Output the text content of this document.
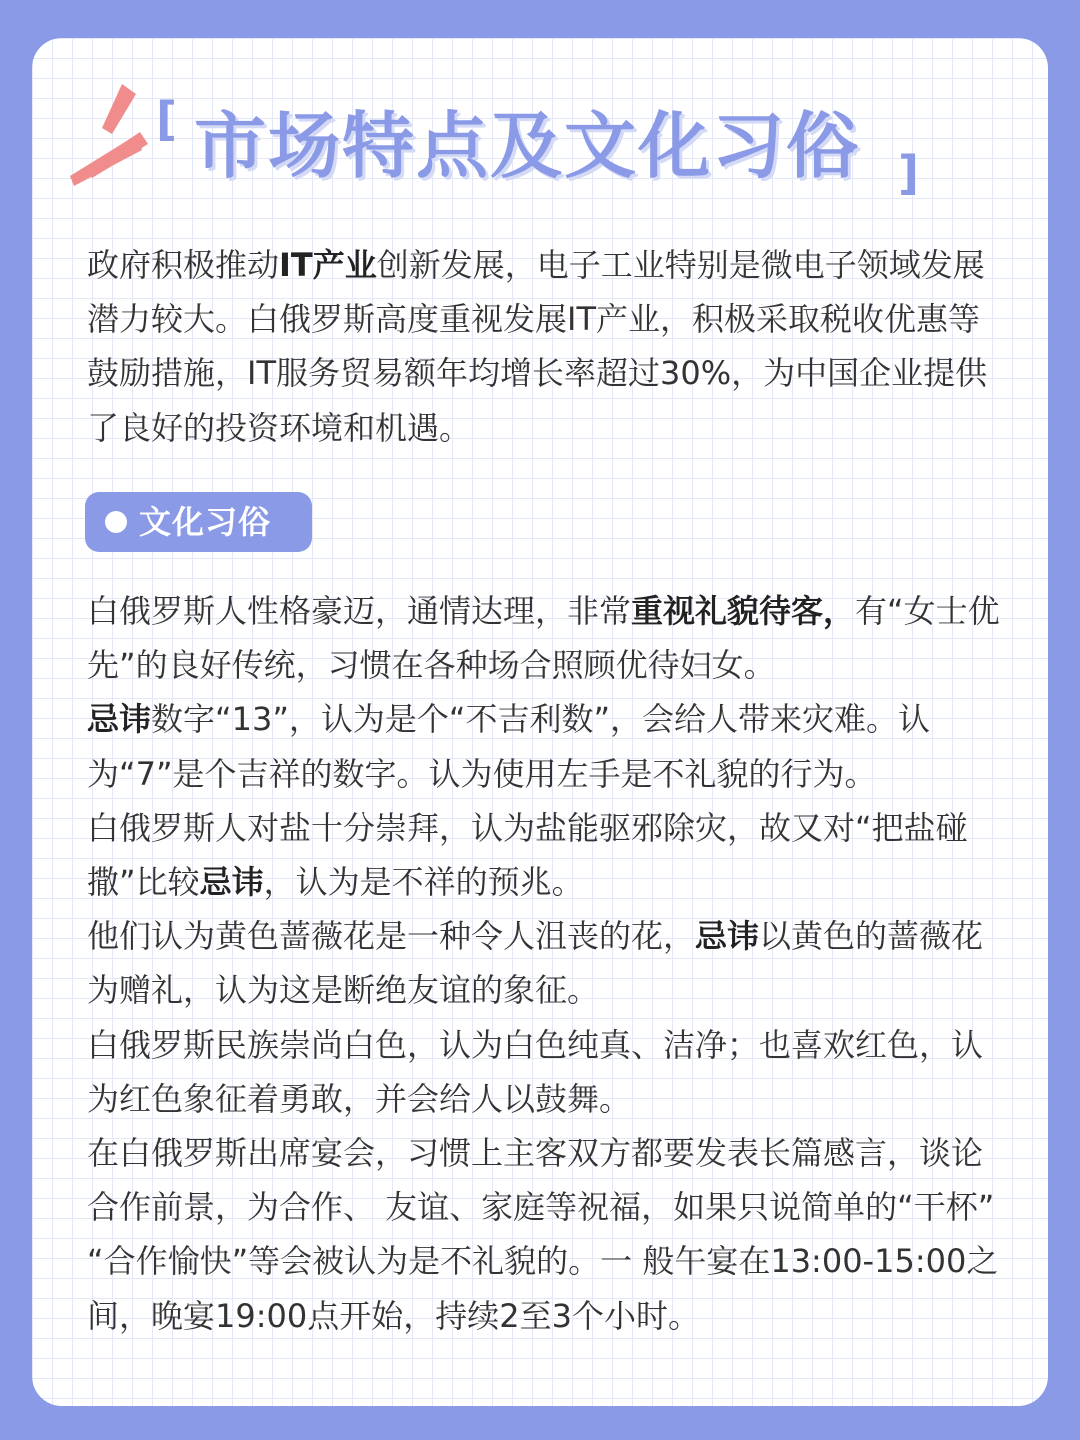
[ 市场特点及文化习俗 ]

政府积极推动IT产业创新发展，电子工业特别是微电子领域发展潜力较大。白俄罗斯高度重视发展IT产业，积极采取税收优惠等鼓励措施，IT服务贸易额年均增长率超过30%，为中国企业提供了良好的投资环境和机遇。

文化习俗
白俄罗斯人性格豪迈，通情达理，非常重视礼貌待客，有“女士优先”的良好传统，习惯在各种场合照顾优待妇女。
忌讳数字“13”，认为是个“不吉利数”，会给人带来灾难。认为“7”是个吉祥的数字。认为使用左手是不礼貌的行为。
白俄罗斯人对盐十分崇拜，认为盐能驱邪除灾，故又对“把盐碰撒”比较忌讳，认为是不祥的预兆。
他们认为黄色蔷薇花是一种令人沮丧的花，忌讳以黄色的蔷薇花为赠礼，认为这是断绝友谊的象征。
白俄罗斯民族崇尚白色，认为白色纯真、洁净；也喜欢红色，认为红色象征着勇敢，并会给人以鼓舞。
在白俄罗斯出席宴会，习惯上主客双方都要发表长篇感言，谈论合作前景，为合作、 友谊、家庭等祝福，如果只说简单的“干杯” “合作愉快”等会被认为是不礼貌的。一 般午宴在13:00-15:00之间，晚宴19:00点开始，持续2至3个小时。
